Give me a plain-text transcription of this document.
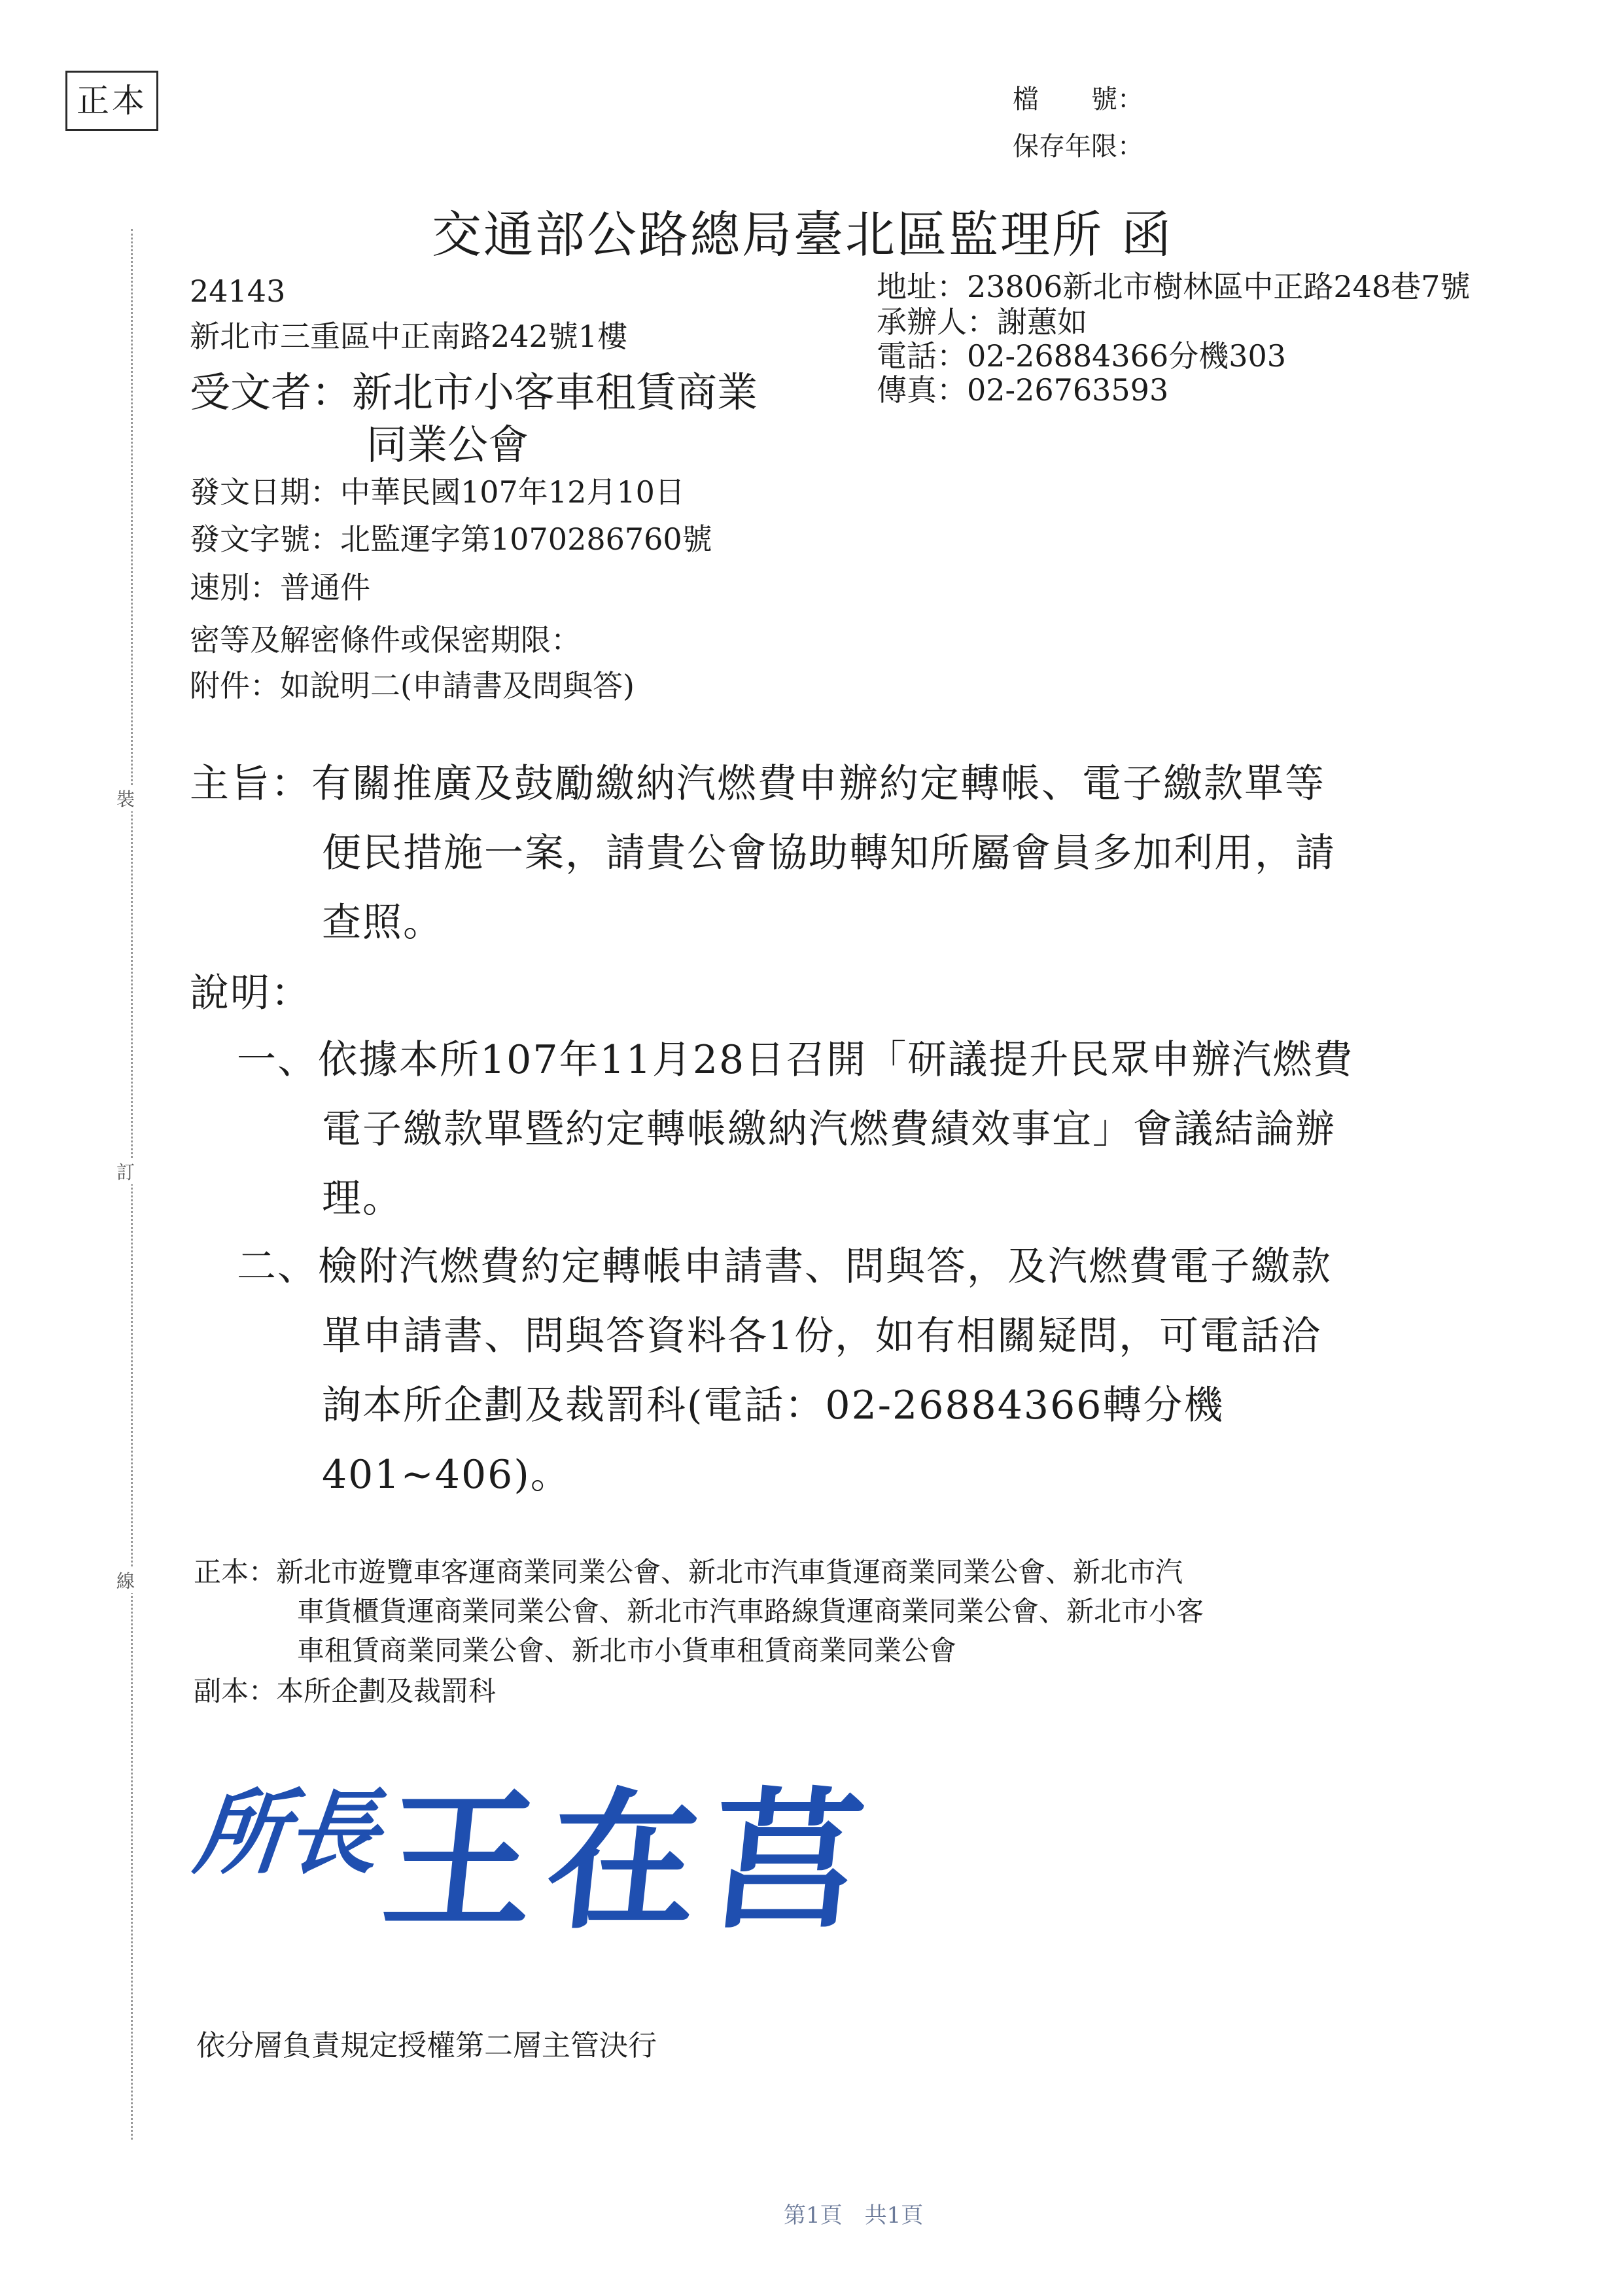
正本	檔　　號：
保存年限：
交通部公路總局臺北區監理所 函
裝
訂
線
24143
新北市三重區中正南路242號1樓
受文者：新北市小客車租賃商業
同業公會
地址：23806新北市樹林區中正路248巷7號
承辦人：謝蕙如
電話：02-26884366分機303
傳真：02-26763593
發文日期：中華民國107年12月10日
發文字號：北監運字第1070286760號
速別：普通件
密等及解密條件或保密期限：
附件：如說明二(申請書及問與答)
主旨：有關推廣及鼓勵繳納汽燃費申辦約定轉帳、電子繳款單等
便民措施一案，請貴公會協助轉知所屬會員多加利用，請
查照。
說明：
一、依據本所107年11月28日召開「研議提升民眾申辦汽燃費
電子繳款單暨約定轉帳繳納汽燃費績效事宜」會議結論辦
理。
二、檢附汽燃費約定轉帳申請書、問與答，及汽燃費電子繳款
單申請書、問與答資料各1份，如有相關疑問，可電話洽
詢本所企劃及裁罰科(電話：02-26884366轉分機
401~406)。
正本：新北市遊覽車客運商業同業公會、新北市汽車貨運商業同業公會、新北市汽
車貨櫃貨運商業同業公會、新北市汽車路線貨運商業同業公會、新北市小客
車租賃商業同業公會、新北市小貨車租賃商業同業公會
副本：本所企劃及裁罰科
所長
王在莒
依分層負責規定授權第二層主管決行
第1頁　共1頁
